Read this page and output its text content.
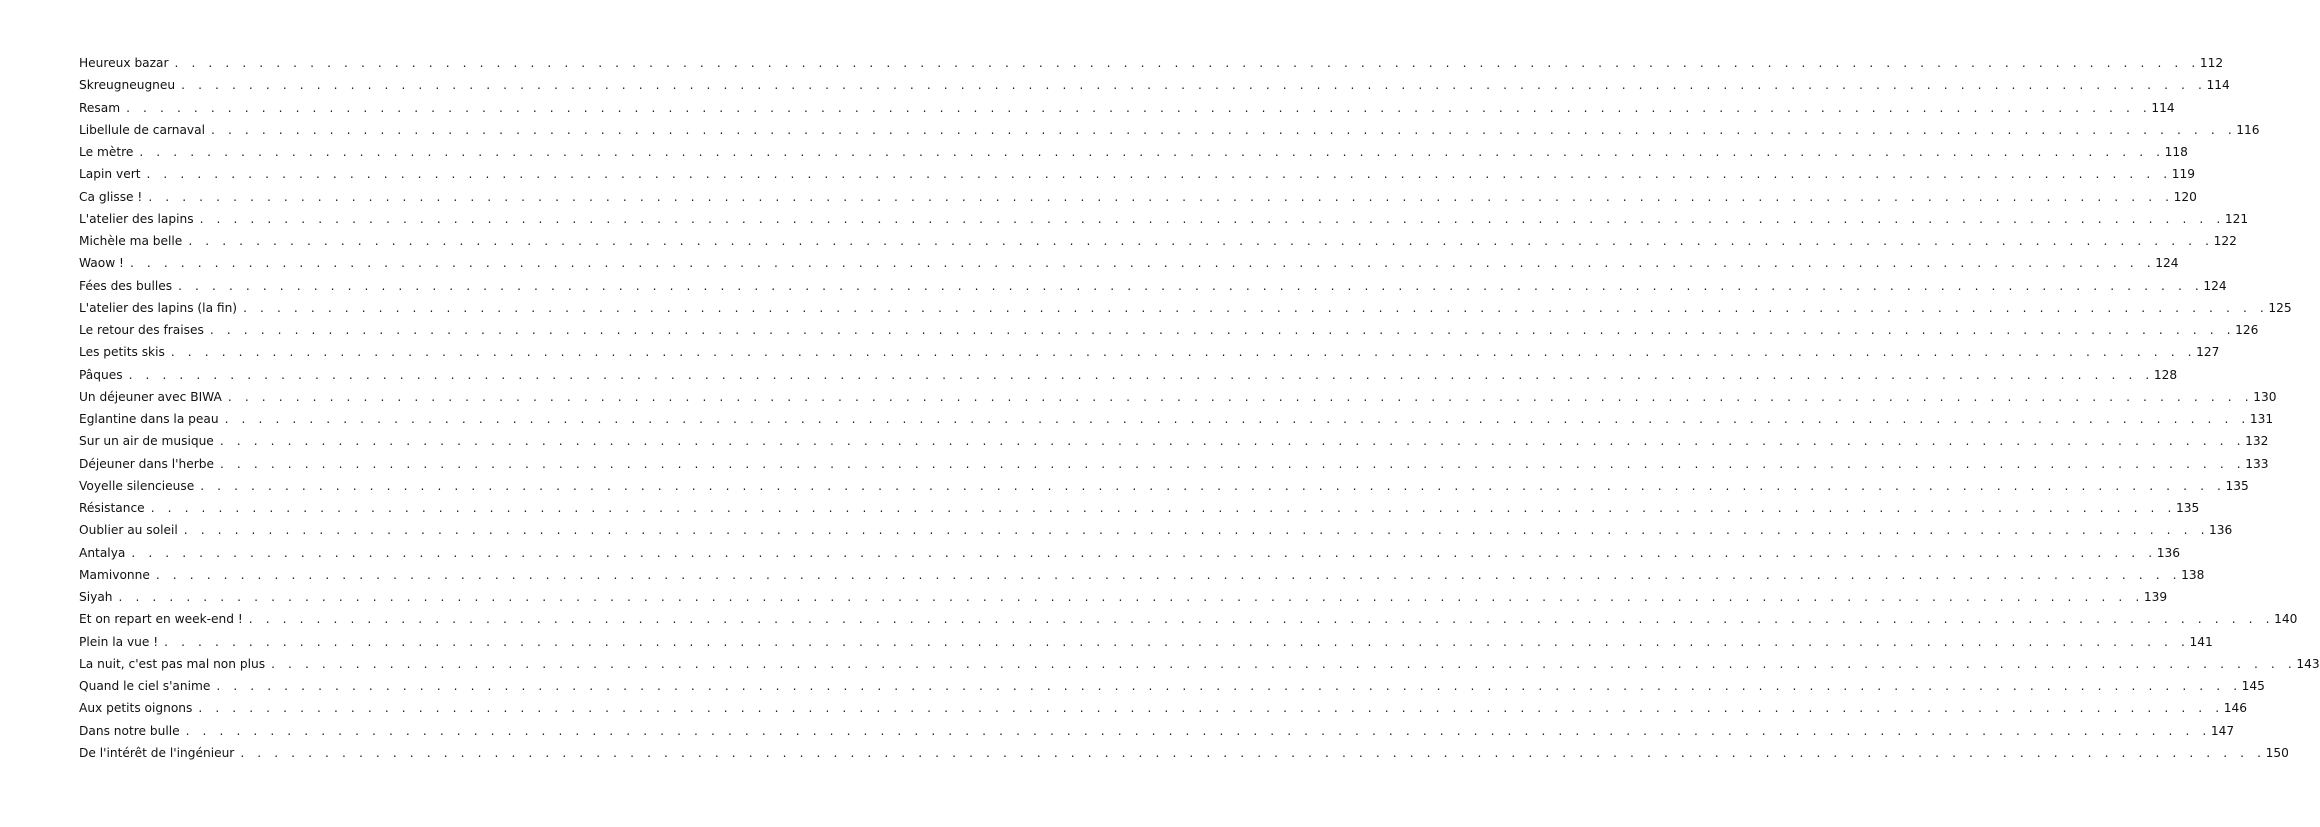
Heureux bazar . . . . . . . . . . . . . . . . . . . . . . . . . . . . . . . . . . . . . . . . . . . . . . . . . . . . . . . . . . . . . . . . . . . . . . . . . . . . . . . . . . . . . . . . . . . . . . . . . . . . . . . . . . . . . . . . . . . . . . . . 112
Skreugneugneu . . . . . . . . . . . . . . . . . . . . . . . . . . . . . . . . . . . . . . . . . . . . . . . . . . . . . . . . . . . . . . . . . . . . . . . . . . . . . . . . . . . . . . . . . . . . . . . . . . . . . . . . . . . . . . . . . . . . . . . . 114
Resam . . . . . . . . . . . . . . . . . . . . . . . . . . . . . . . . . . . . . . . . . . . . . . . . . . . . . . . . . . . . . . . . . . . . . . . . . . . . . . . . . . . . . . . . . . . . . . . . . . . . . . . . . . . . . . . . . . . . . . . . 114
Libellule de carnaval . . . . . . . . . . . . . . . . . . . . . . . . . . . . . . . . . . . . . . . . . . . . . . . . . . . . . . . . . . . . . . . . . . . . . . . . . . . . . . . . . . . . . . . . . . . . . . . . . . . . . . . . . . . . . . . . . . . . . . . . 116
Le mètre . . . . . . . . . . . . . . . . . . . . . . . . . . . . . . . . . . . . . . . . . . . . . . . . . . . . . . . . . . . . . . . . . . . . . . . . . . . . . . . . . . . . . . . . . . . . . . . . . . . . . . . . . . . . . . . . . . . . . . . . 118
Lapin vert . . . . . . . . . . . . . . . . . . . . . . . . . . . . . . . . . . . . . . . . . . . . . . . . . . . . . . . . . . . . . . . . . . . . . . . . . . . . . . . . . . . . . . . . . . . . . . . . . . . . . . . . . . . . . . . . . . . . . . . . 119
Ca glisse ! . . . . . . . . . . . . . . . . . . . . . . . . . . . . . . . . . . . . . . . . . . . . . . . . . . . . . . . . . . . . . . . . . . . . . . . . . . . . . . . . . . . . . . . . . . . . . . . . . . . . . . . . . . . . . . . . . . . . . . . . 120
L'atelier des lapins . . . . . . . . . . . . . . . . . . . . . . . . . . . . . . . . . . . . . . . . . . . . . . . . . . . . . . . . . . . . . . . . . . . . . . . . . . . . . . . . . . . . . . . . . . . . . . . . . . . . . . . . . . . . . . . . . . . . . . . . 121
Michèle ma belle . . . . . . . . . . . . . . . . . . . . . . . . . . . . . . . . . . . . . . . . . . . . . . . . . . . . . . . . . . . . . . . . . . . . . . . . . . . . . . . . . . . . . . . . . . . . . . . . . . . . . . . . . . . . . . . . . . . . . . . . 122
Waow ! . . . . . . . . . . . . . . . . . . . . . . . . . . . . . . . . . . . . . . . . . . . . . . . . . . . . . . . . . . . . . . . . . . . . . . . . . . . . . . . . . . . . . . . . . . . . . . . . . . . . . . . . . . . . . . . . . . . . . . . . 124
Fées des bulles . . . . . . . . . . . . . . . . . . . . . . . . . . . . . . . . . . . . . . . . . . . . . . . . . . . . . . . . . . . . . . . . . . . . . . . . . . . . . . . . . . . . . . . . . . . . . . . . . . . . . . . . . . . . . . . . . . . . . . . . 124
L'atelier des lapins (la fin) . . . . . . . . . . . . . . . . . . . . . . . . . . . . . . . . . . . . . . . . . . . . . . . . . . . . . . . . . . . . . . . . . . . . . . . . . . . . . . . . . . . . . . . . . . . . . . . . . . . . . . . . . . . . . . . . . . . . . . . . 125
Le retour des fraises . . . . . . . . . . . . . . . . . . . . . . . . . . . . . . . . . . . . . . . . . . . . . . . . . . . . . . . . . . . . . . . . . . . . . . . . . . . . . . . . . . . . . . . . . . . . . . . . . . . . . . . . . . . . . . . . . . . . . . . . 126
Les petits skis . . . . . . . . . . . . . . . . . . . . . . . . . . . . . . . . . . . . . . . . . . . . . . . . . . . . . . . . . . . . . . . . . . . . . . . . . . . . . . . . . . . . . . . . . . . . . . . . . . . . . . . . . . . . . . . . . . . . . . . . 127
Pâques . . . . . . . . . . . . . . . . . . . . . . . . . . . . . . . . . . . . . . . . . . . . . . . . . . . . . . . . . . . . . . . . . . . . . . . . . . . . . . . . . . . . . . . . . . . . . . . . . . . . . . . . . . . . . . . . . . . . . . . . 128
Un déjeuner avec BIWA . . . . . . . . . . . . . . . . . . . . . . . . . . . . . . . . . . . . . . . . . . . . . . . . . . . . . . . . . . . . . . . . . . . . . . . . . . . . . . . . . . . . . . . . . . . . . . . . . . . . . . . . . . . . . . . . . . . . . . . . 130
Eglantine dans la peau . . . . . . . . . . . . . . . . . . . . . . . . . . . . . . . . . . . . . . . . . . . . . . . . . . . . . . . . . . . . . . . . . . . . . . . . . . . . . . . . . . . . . . . . . . . . . . . . . . . . . . . . . . . . . . . . . . . . . . . . 131
Sur un air de musique . . . . . . . . . . . . . . . . . . . . . . . . . . . . . . . . . . . . . . . . . . . . . . . . . . . . . . . . . . . . . . . . . . . . . . . . . . . . . . . . . . . . . . . . . . . . . . . . . . . . . . . . . . . . . . . . . . . . . . . . 132
Déjeuner dans l'herbe . . . . . . . . . . . . . . . . . . . . . . . . . . . . . . . . . . . . . . . . . . . . . . . . . . . . . . . . . . . . . . . . . . . . . . . . . . . . . . . . . . . . . . . . . . . . . . . . . . . . . . . . . . . . . . . . . . . . . . . . 133
Voyelle silencieuse . . . . . . . . . . . . . . . . . . . . . . . . . . . . . . . . . . . . . . . . . . . . . . . . . . . . . . . . . . . . . . . . . . . . . . . . . . . . . . . . . . . . . . . . . . . . . . . . . . . . . . . . . . . . . . . . . . . . . . . . 135
Résistance . . . . . . . . . . . . . . . . . . . . . . . . . . . . . . . . . . . . . . . . . . . . . . . . . . . . . . . . . . . . . . . . . . . . . . . . . . . . . . . . . . . . . . . . . . . . . . . . . . . . . . . . . . . . . . . . . . . . . . . . 135
Oublier au soleil . . . . . . . . . . . . . . . . . . . . . . . . . . . . . . . . . . . . . . . . . . . . . . . . . . . . . . . . . . . . . . . . . . . . . . . . . . . . . . . . . . . . . . . . . . . . . . . . . . . . . . . . . . . . . . . . . . . . . . . . 136
Antalya . . . . . . . . . . . . . . . . . . . . . . . . . . . . . . . . . . . . . . . . . . . . . . . . . . . . . . . . . . . . . . . . . . . . . . . . . . . . . . . . . . . . . . . . . . . . . . . . . . . . . . . . . . . . . . . . . . . . . . . . 136
Mamivonne . . . . . . . . . . . . . . . . . . . . . . . . . . . . . . . . . . . . . . . . . . . . . . . . . . . . . . . . . . . . . . . . . . . . . . . . . . . . . . . . . . . . . . . . . . . . . . . . . . . . . . . . . . . . . . . . . . . . . . . . 138
Siyah . . . . . . . . . . . . . . . . . . . . . . . . . . . . . . . . . . . . . . . . . . . . . . . . . . . . . . . . . . . . . . . . . . . . . . . . . . . . . . . . . . . . . . . . . . . . . . . . . . . . . . . . . . . . . . . . . . . . . . . . 139
Et on repart en week-end ! . . . . . . . . . . . . . . . . . . . . . . . . . . . . . . . . . . . . . . . . . . . . . . . . . . . . . . . . . . . . . . . . . . . . . . . . . . . . . . . . . . . . . . . . . . . . . . . . . . . . . . . . . . . . . . . . . . . . . . . . 140
Plein la vue ! . . . . . . . . . . . . . . . . . . . . . . . . . . . . . . . . . . . . . . . . . . . . . . . . . . . . . . . . . . . . . . . . . . . . . . . . . . . . . . . . . . . . . . . . . . . . . . . . . . . . . . . . . . . . . . . . . . . . . . . . 141
La nuit, c'est pas mal non plus . . . . . . . . . . . . . . . . . . . . . . . . . . . . . . . . . . . . . . . . . . . . . . . . . . . . . . . . . . . . . . . . . . . . . . . . . . . . . . . . . . . . . . . . . . . . . . . . . . . . . . . . . . . . . . . . . . . . . . . . 143
Quand le ciel s'anime . . . . . . . . . . . . . . . . . . . . . . . . . . . . . . . . . . . . . . . . . . . . . . . . . . . . . . . . . . . . . . . . . . . . . . . . . . . . . . . . . . . . . . . . . . . . . . . . . . . . . . . . . . . . . . . . . . . . . . . . 145
Aux petits oignons . . . . . . . . . . . . . . . . . . . . . . . . . . . . . . . . . . . . . . . . . . . . . . . . . . . . . . . . . . . . . . . . . . . . . . . . . . . . . . . . . . . . . . . . . . . . . . . . . . . . . . . . . . . . . . . . . . . . . . . . 146
Dans notre bulle . . . . . . . . . . . . . . . . . . . . . . . . . . . . . . . . . . . . . . . . . . . . . . . . . . . . . . . . . . . . . . . . . . . . . . . . . . . . . . . . . . . . . . . . . . . . . . . . . . . . . . . . . . . . . . . . . . . . . . . . 147
De l'intérêt de l'ingénieur . . . . . . . . . . . . . . . . . . . . . . . . . . . . . . . . . . . . . . . . . . . . . . . . . . . . . . . . . . . . . . . . . . . . . . . . . . . . . . . . . . . . . . . . . . . . . . . . . . . . . . . . . . . . . . . . . . . . . . . . 150
